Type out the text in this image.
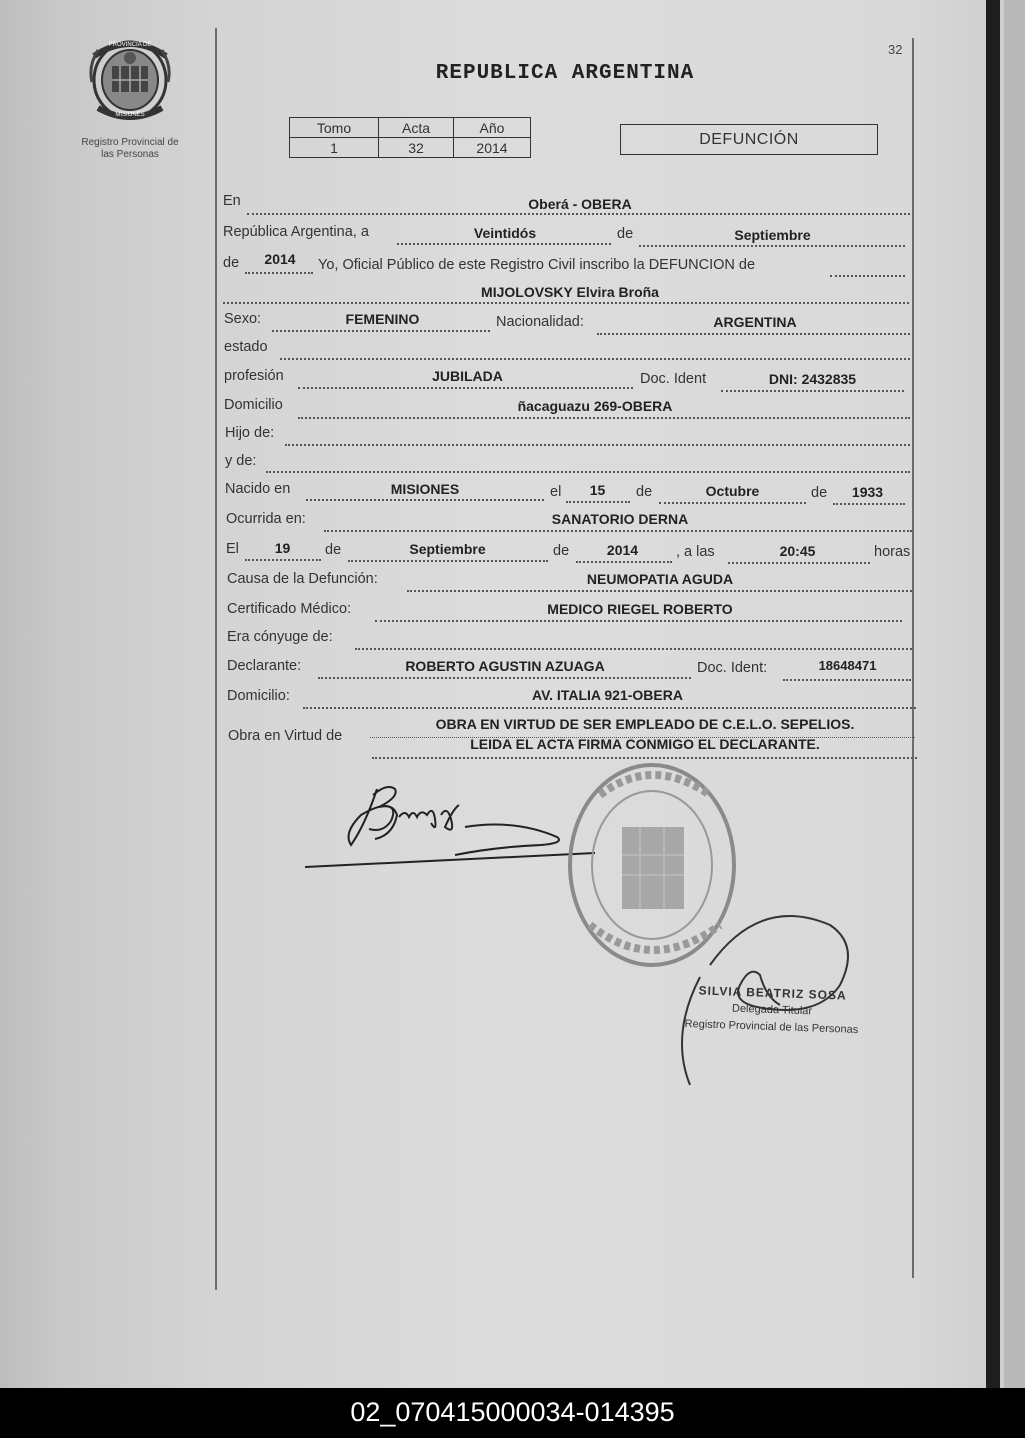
PROVINCIA DE
MISIONES
Registro Provincial de
las Personas
32
REPUBLICA ARGENTINA
Tomo	Acta	Año
1	32	2014	DEFUNCIÓN
En	Oberá - OBERA
República Argentina, a	Veintidós	de	Septiembre
de	2014	Yo, Oficial Público de este Registro Civil inscribo la DEFUNCION de
MIJOLOVSKY Elvira Broña
Sexo:	FEMENINO	Nacionalidad:	ARGENTINA
estado
profesión	JUBILADA	Doc. Ident	DNI: 2432835
Domicilio	ñacaguazu 269-OBERA
Hijo de:
y de:
Nacido en	MISIONES	el	15	de	Octubre	de	1933
Ocurrida en:	SANATORIO DERNA
El	19	de	Septiembre	de	2014	, a las	20:45	horas
Causa de la Defunción:	NEUMOPATIA AGUDA
Certificado Médico:	MEDICO RIEGEL ROBERTO
Era cónyuge de:
Declarante:	ROBERTO AGUSTIN AZUAGA	Doc. Ident:	18648471
Domicilio:	AV. ITALIA 921-OBERA
Obra en Virtud de
OBRA EN VIRTUD DE SER EMPLEADO DE C.E.L.O. SEPELIOS.
LEIDA EL ACTA FIRMA CONMIGO EL DECLARANTE.
SILVIA BEATRIZ SOSA
Delegada Titular
Registro Provincial de las Personas
02_070415000034-014395
